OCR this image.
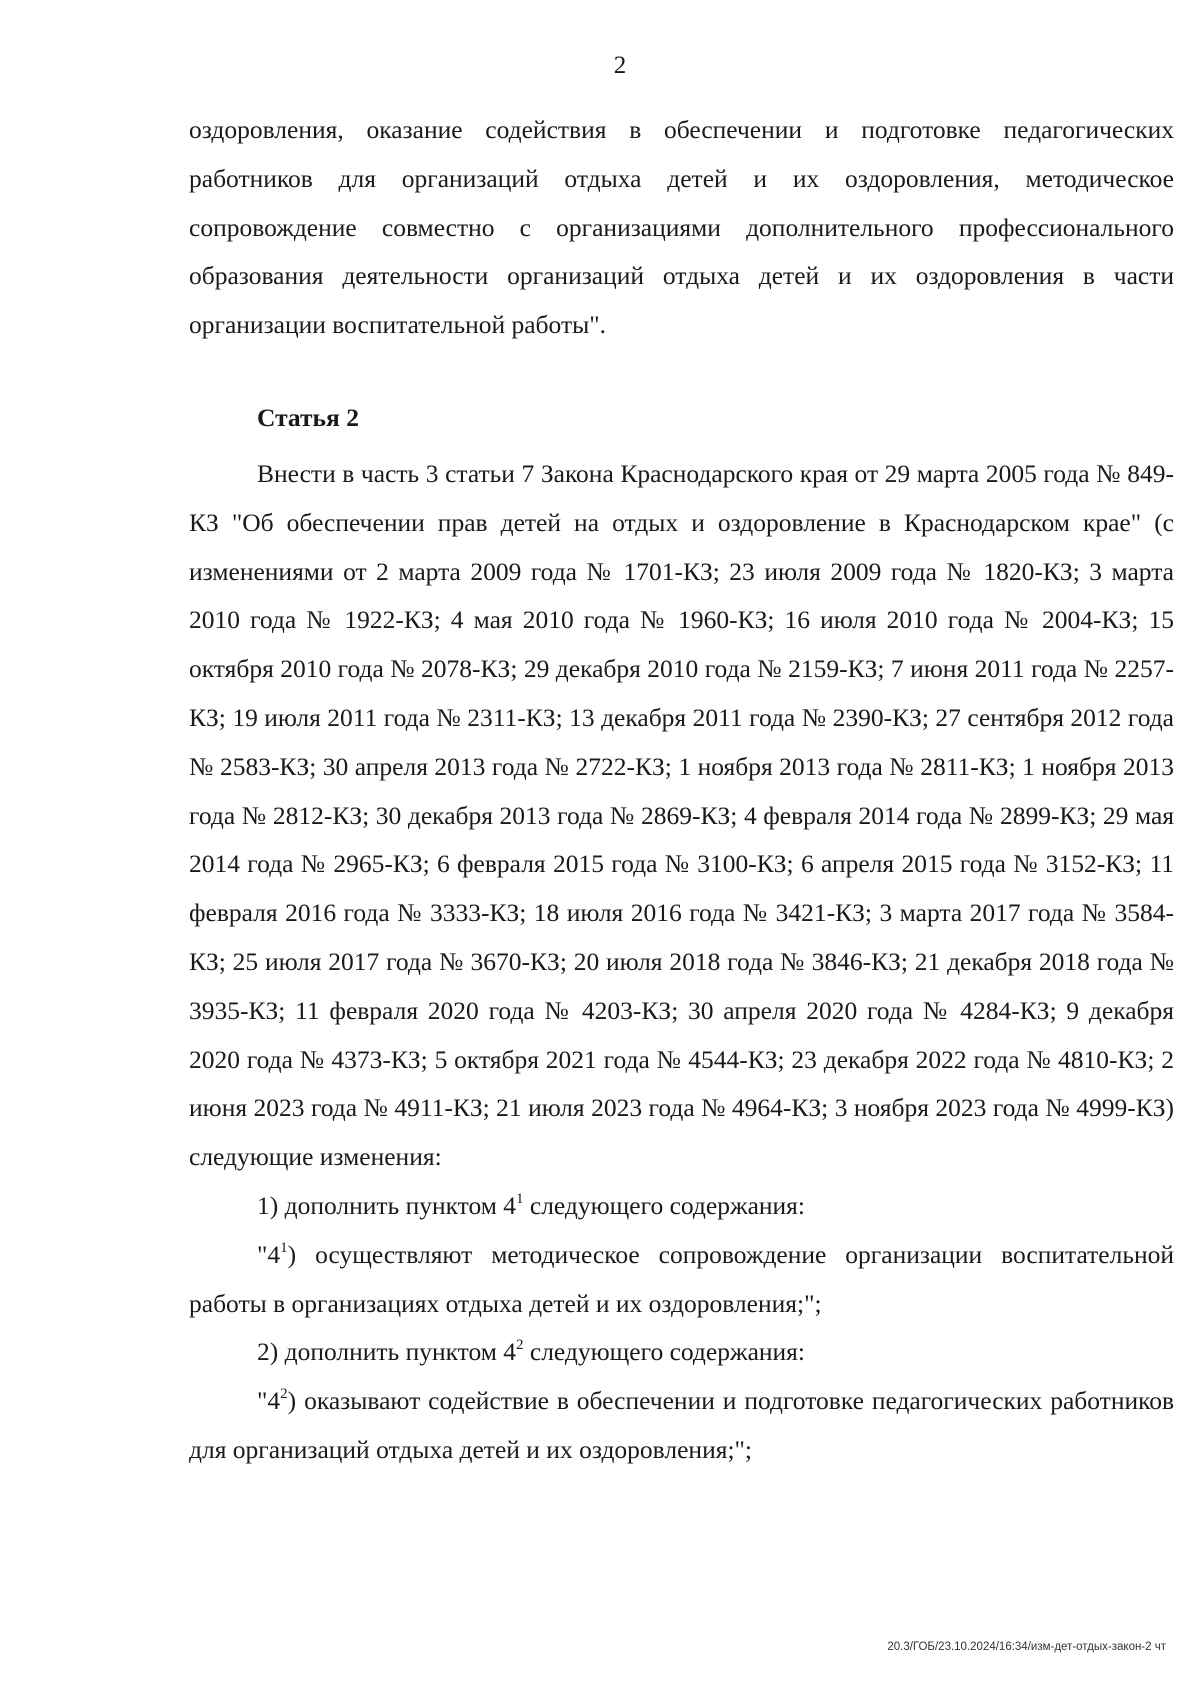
2

оздоровления, оказание содействия в обеспечении и подготовке педагогических работников для организаций отдыха детей и их оздоровления, методическое сопровождение совместно с организациями дополнительного профессионального образования деятельности организаций отдыха детей и их оздоровления в части организации воспитательной работы".

Статья 2

Внести в часть 3 статьи 7 Закона Краснодарского края от 29 марта 2005 года № 849-КЗ "Об обеспечении прав детей на отдых и оздоровление в Краснодарском крае" (с изменениями от 2 марта 2009 года № 1701-КЗ; 23 июля 2009 года № 1820-КЗ; 3 марта 2010 года № 1922-КЗ; 4 мая 2010 года № 1960-КЗ; 16 июля 2010 года № 2004-КЗ; 15 октября 2010 года № 2078-КЗ; 29 декабря 2010 года № 2159-КЗ; 7 июня 2011 года № 2257-КЗ; 19 июля 2011 года № 2311-КЗ; 13 декабря 2011 года № 2390-КЗ; 27 сентября 2012 года № 2583-КЗ; 30 апреля 2013 года № 2722-КЗ; 1 ноября 2013 года № 2811-КЗ; 1 ноября 2013 года № 2812-КЗ; 30 декабря 2013 года № 2869-КЗ; 4 февраля 2014 года № 2899-КЗ; 29 мая 2014 года № 2965-КЗ; 6 февраля 2015 года № 3100-КЗ; 6 апреля 2015 года № 3152-КЗ; 11 февраля 2016 года № 3333-КЗ; 18 июля 2016 года № 3421-КЗ; 3 марта 2017 года № 3584-КЗ; 25 июля 2017 года № 3670-КЗ; 20 июля 2018 года № 3846-КЗ; 21 декабря 2018 года № 3935-КЗ; 11 февраля 2020 года № 4203-КЗ; 30 апреля 2020 года № 4284-КЗ; 9 декабря 2020 года № 4373-КЗ; 5 октября 2021 года № 4544-КЗ; 23 декабря 2022 года № 4810-КЗ; 2 июня 2023 года № 4911-КЗ; 21 июля 2023 года № 4964-КЗ; 3 ноября 2023 года № 4999-КЗ) следующие изменения:

1) дополнить пунктом $4^1$ следующего содержания:

"$4^1$) осуществляют методическое сопровождение организации воспитательной работы в организациях отдыха детей и их оздоровления;";

2) дополнить пунктом $4^2$ следующего содержания:

"$4^2$) оказывают содействие в обеспечении и подготовке педагогических работников для организаций отдыха детей и их оздоровления;";

20.3/ГОБ/23.10.2024/16:34/изм-дет-отдых-закон-2 чт
